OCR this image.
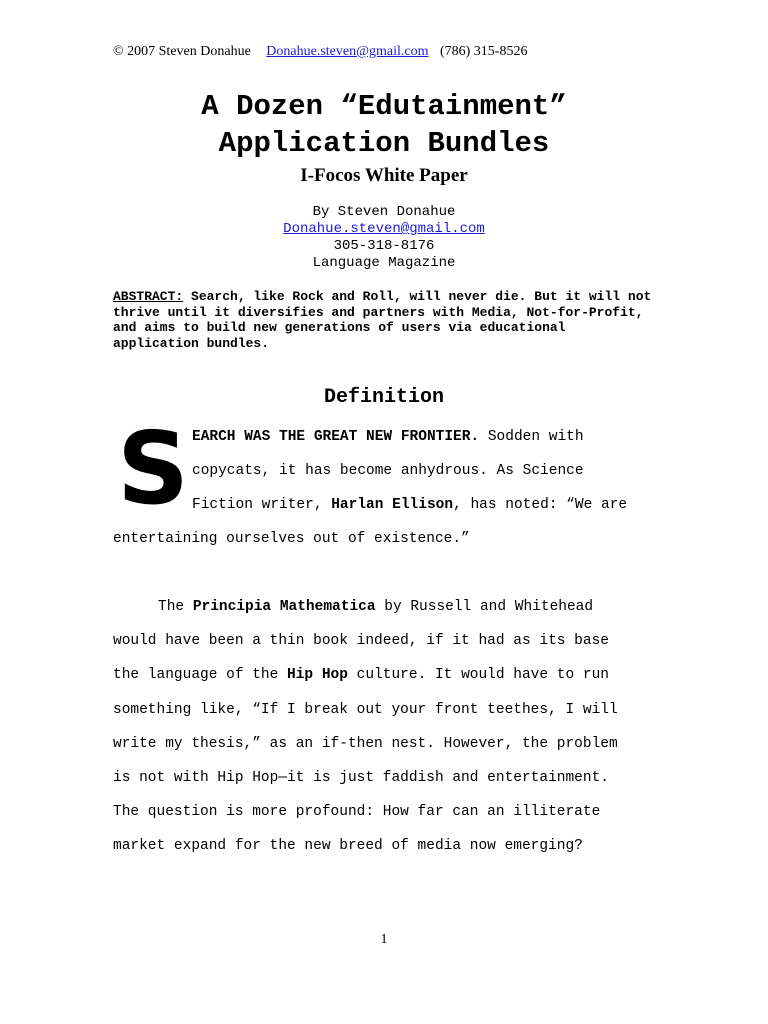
© 2007 Steven Donahue Donahue.steven@gmail.com (786) 315-8526
A Dozen “Edutainment”
Application Bundles
I-Focos White Paper
By Steven Donahue
Donahue.steven@gmail.com
305-318-8176
Language Magazine
ABSTRACT: Search, like Rock and Roll, will never die. But it will not thrive until it diversifies and partners with Media, Not-for-Profit, and aims to build new generations of users via educational application bundles.
Definition
S EARCH WAS THE GREAT NEW FRONTIER. Sodden with
copycats, it has become anhydrous. As Science
Fiction writer, Harlan Ellison, has noted: “We are
entertaining ourselves out of existence.”
The Principia Mathematica by Russell and Whitehead
would have been a thin book indeed, if it had as its base
the language of the Hip Hop culture. It would have to run
something like, “If I break out your front teethes, I will
write my thesis,” as an if-then nest. However, the problem
is not with Hip Hop—it is just faddish and entertainment.
The question is more profound: How far can an illiterate
market expand for the new breed of media now emerging?
1
